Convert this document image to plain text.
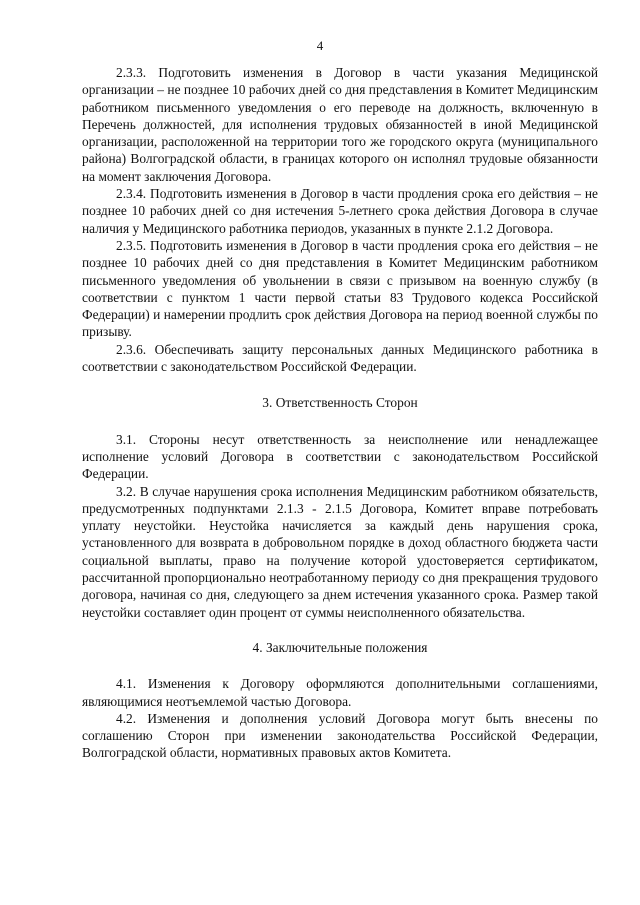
4

2.3.3. Подготовить изменения в Договор в части указания Медицинской организации – не позднее 10 рабочих дней со дня представления в Комитет Медицинским работником письменного уведомления о его переводе на должность, включенную в Перечень должностей, для исполнения трудовых обязанностей в иной Медицинской организации, расположенной на территории того же городского округа (муниципального района) Волгоградской области, в границах которого он исполнял трудовые обязанности на момент заключения Договора.

2.3.4. Подготовить изменения в Договор в части продления срока его действия – не позднее 10 рабочих дней со дня истечения 5-летнего срока действия Договора в случае наличия у Медицинского работника периодов, указанных в пункте 2.1.2 Договора.

2.3.5. Подготовить изменения в Договор в части продления срока его действия – не позднее 10 рабочих дней со дня представления в Комитет Медицинским работником письменного уведомления об увольнении в связи с призывом на военную службу (в соответствии с пунктом 1 части первой статьи 83 Трудового кодекса Российской Федерации) и намерении продлить срок действия Договора на период военной службы по призыву.

2.3.6. Обеспечивать защиту персональных данных Медицинского работника в соответствии с законодательством Российской Федерации.

3. Ответственность Сторон

3.1. Стороны несут ответственность за неисполнение или ненадлежащее исполнение условий Договора в соответствии с законодательством Российской Федерации.

3.2. В случае нарушения срока исполнения Медицинским работником обязательств, предусмотренных подпунктами 2.1.3 - 2.1.5 Договора, Комитет вправе потребовать уплату неустойки. Неустойка начисляется за каждый день нарушения срока, установленного для возврата в добровольном порядке в доход областного бюджета части социальной выплаты, право на получение которой удостоверяется сертификатом, рассчитанной пропорционально неотработанному периоду со дня прекращения трудового договора, начиная со дня, следующего за днем истечения указанного срока. Размер такой неустойки составляет один процент от суммы неисполненного обязательства.

4. Заключительные положения

4.1. Изменения к Договору оформляются дополнительными соглашениями, являющимися неотъемлемой частью Договора.

4.2. Изменения и дополнения условий Договора могут быть внесены по соглашению Сторон при изменении законодательства Российской Федерации, Волгоградской области, нормативных правовых актов Комитета.
